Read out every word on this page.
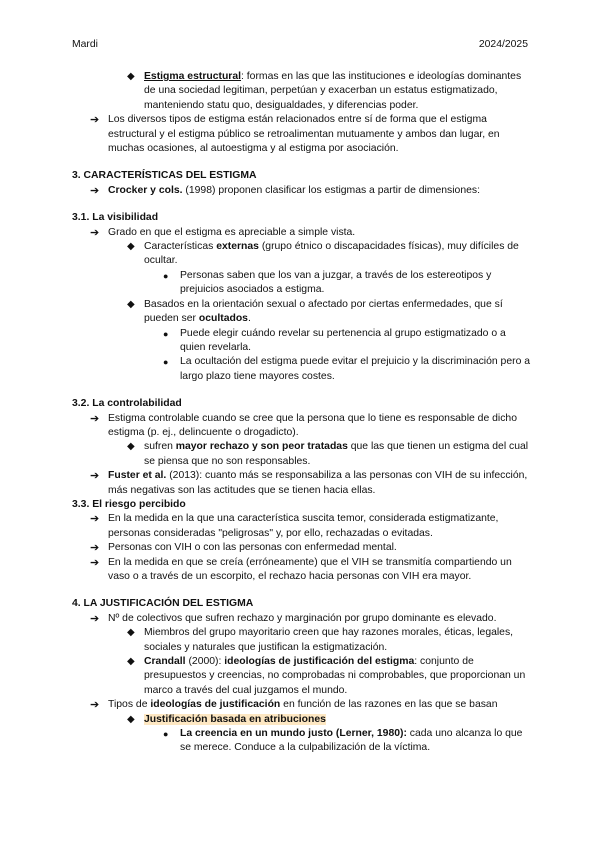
Mardi	2024/2025

◆ Estigma estructural: formas en las que las instituciones e ideologías dominantes de una sociedad legitiman, perpetúan y exacerban un estatus estigmatizado, manteniendo statu quo, desigualdades, y diferencias poder.

➔ Los diversos tipos de estigma están relacionados entre sí de forma que el estigma estructural y el estigma público se retroalimentan mutuamente y ambos dan lugar, en muchas ocasiones, al autoestigma y al estigma por asociación.

3. CARACTERÍSTICAS DEL ESTIGMA

➔ Crocker y cols. (1998) proponen clasificar los estigmas a partir de dimensiones:

3.1. La visibilidad

➔ Grado en que el estigma es apreciable a simple vista.

◆ Características externas (grupo étnico o discapacidades físicas), muy difíciles de ocultar.

● Personas saben que los van a juzgar, a través de los estereotipos y prejuicios asociados a estigma.

◆ Basados en la orientación sexual o afectado por ciertas enfermedades, que sí pueden ser ocultados.

● Puede elegir cuándo revelar su pertenencia al grupo estigmatizado o a quien revelarla.

● La ocultación del estigma puede evitar el prejuicio y la discriminación pero a largo plazo tiene mayores costes.

3.2. La controlabilidad

➔ Estigma controlable cuando se cree que la persona que lo tiene es responsable de dicho estigma (p. ej., delincuente o drogadicto).

◆ sufren mayor rechazo y son peor tratadas que las que tienen un estigma del cual se piensa que no son responsables.

➔ Fuster et al. (2013): cuanto más se responsabiliza a las personas con VIH de su infección, más negativas son las actitudes que se tienen hacia ellas.

3.3. El riesgo percibido

➔ En la medida en la que una característica suscita temor, considerada estigmatizante, personas consideradas "peligrosas" y, por ello, rechazadas o evitadas.

➔ Personas con VIH o con las personas con enfermedad mental.

➔ En la medida en que se creía (erróneamente) que el VIH se transmitía compartiendo un vaso o a través de un escorpito, el rechazo hacia personas con VIH era mayor.

4. LA JUSTIFICACIÓN DEL ESTIGMA

➔ Nº de colectivos que sufren rechazo y marginación por grupo dominante es elevado.

◆ Miembros del grupo mayoritario creen que hay razones morales, éticas, legales, sociales y naturales que justifican la estigmatización.

◆ Crandall (2000): ideologías de justificación del estigma: conjunto de presupuestos y creencias, no comprobadas ni comprobables, que proporcionan un marco a través del cual juzgamos el mundo.

➔ Tipos de ideologías de justificación en función de las razones en las que se basan

◆ Justificación basada en atribuciones

● La creencia en un mundo justo (Lerner, 1980): cada uno alcanza lo que se merece. Conduce a la culpabilización de la víctima.
